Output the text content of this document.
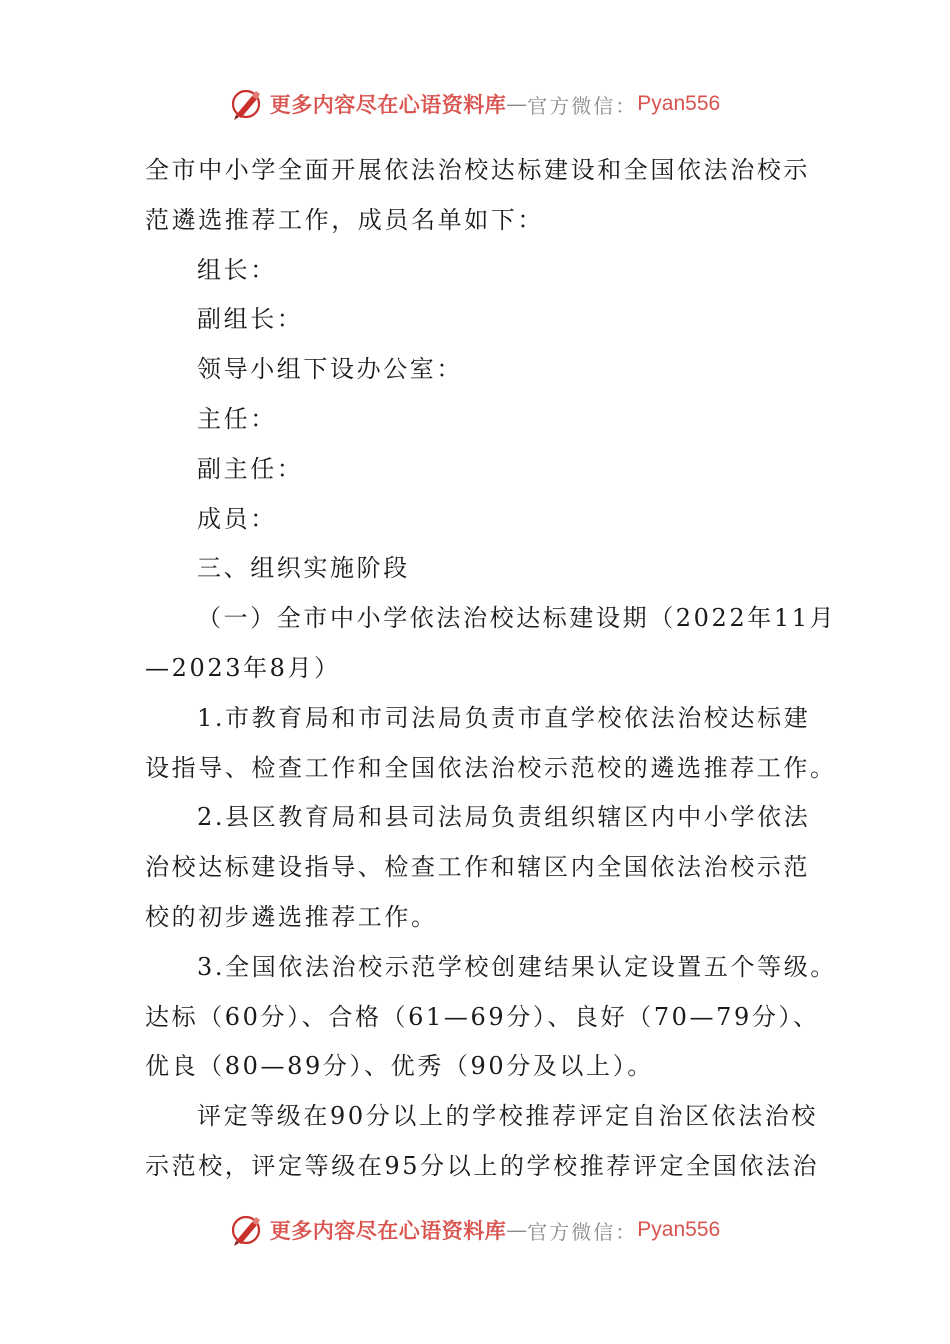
更多内容尽在心语资料库 — 官方微信： Pyan556
全市中小学全面开展依法治校达标建设和全国依法治校示
范遴选推荐工作，成员名单如下：
组长：
副组长：
领导小组下设办公室：
主任：
副主任：
成员：
三、组织实施阶段
（一）全市中小学依法治校达标建设期（2022年11月
—2023年8月）
1.市教育局和市司法局负责市直学校依法治校达标建
设指导、检查工作和全国依法治校示范校的遴选推荐工作。
2.县区教育局和县司法局负责组织辖区内中小学依法
治校达标建设指导、检查工作和辖区内全国依法治校示范
校的初步遴选推荐工作。
3.全国依法治校示范学校创建结果认定设置五个等级。
达标（60分）、合格（61—69分）、良好（70—79分）、
优良（80—89分）、优秀（90分及以上）。
评定等级在90分以上的学校推荐评定自治区依法治校
示范校，评定等级在95分以上的学校推荐评定全国依法治
更多内容尽在心语资料库 — 官方微信： Pyan556
